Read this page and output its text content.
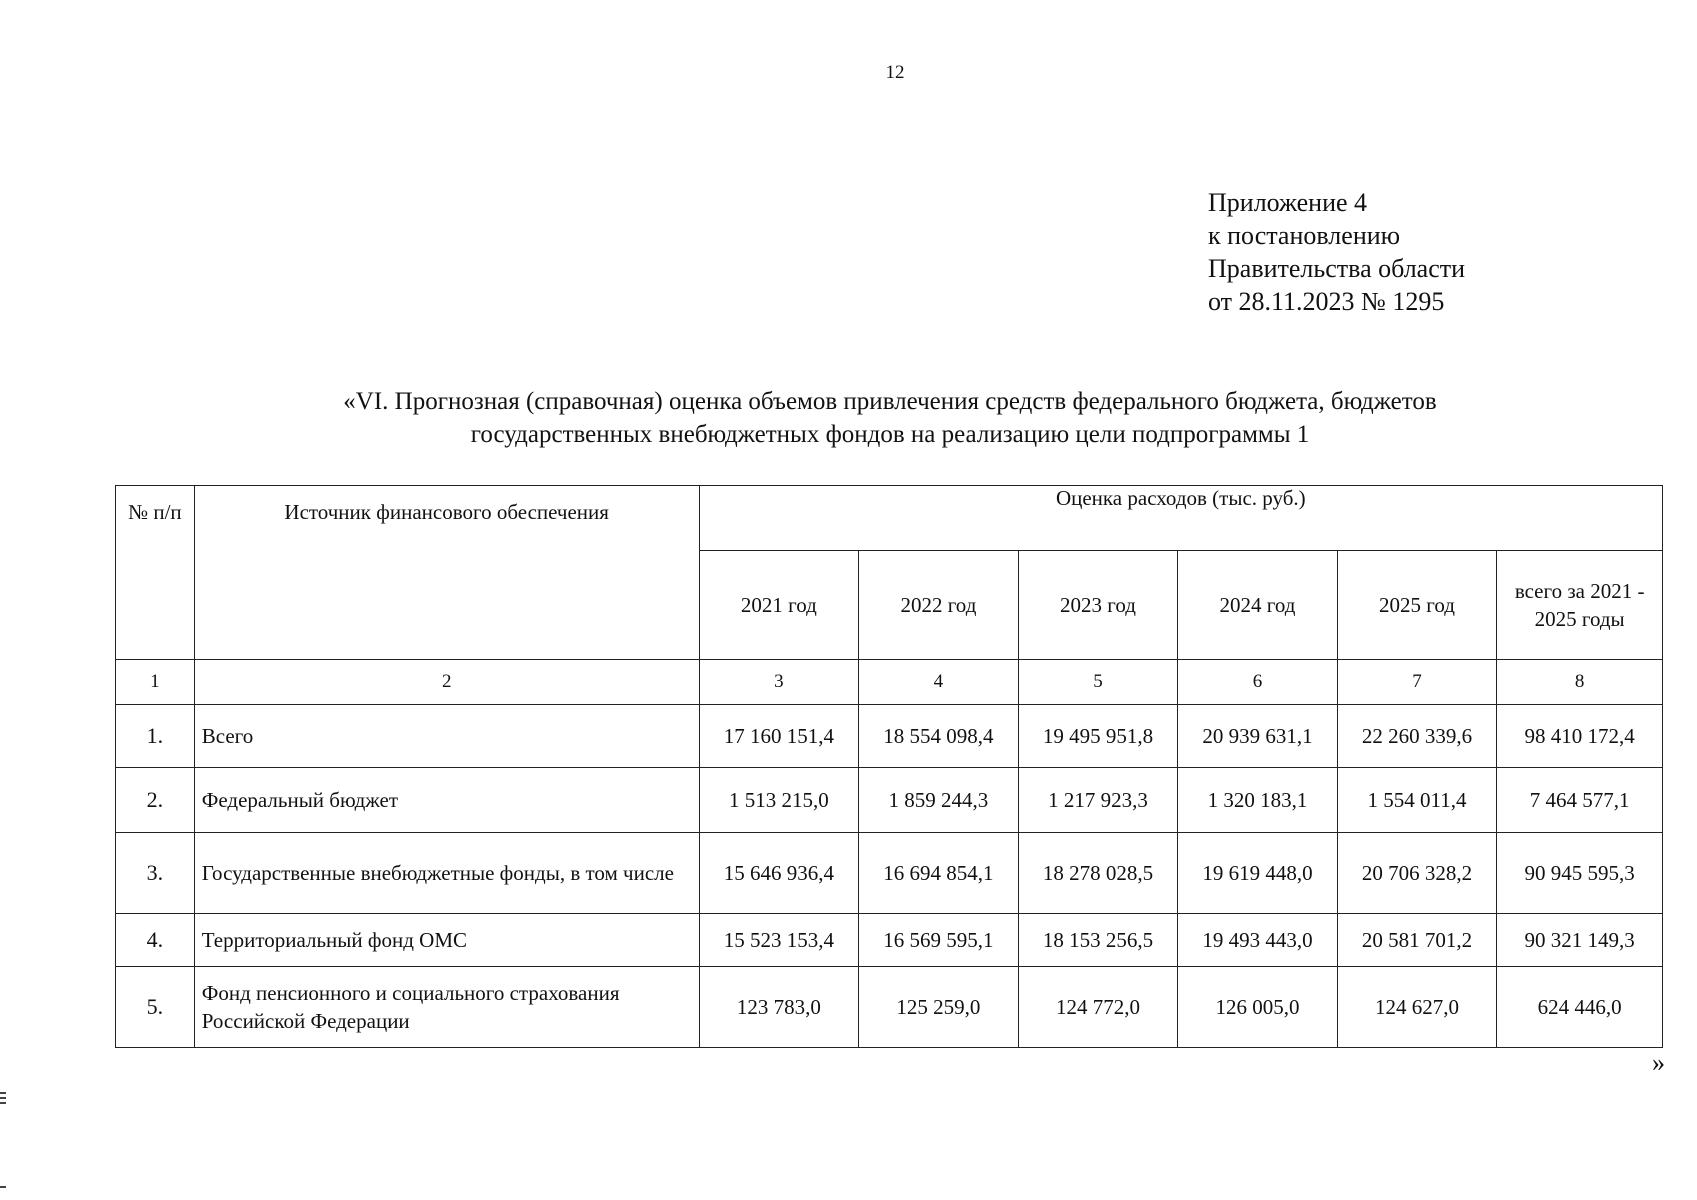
12
Приложение 4
к постановлению
Правительства области
от 28.11.2023 № 1295
«VI. Прогнозная (справочная) оценка объемов привлечения средств федерального бюджета, бюджетов
государственных внебюджетных фондов на реализацию цели подпрограммы 1
№ п/п	Источник финансового обеспечения	Оценка расходов (тыс. руб.)					
		2021 год	2022 год	2023 год	2024 год	2025 год	всего за 2021 - 2025 годы
1	2	3	4	5	6	7	8
1.	Всего	17 160 151,4	18 554 098,4	19 495 951,8	20 939 631,1	22 260 339,6	98 410 172,4
2.	Федеральный бюджет	1 513 215,0	1 859 244,3	1 217 923,3	1 320 183,1	1 554 011,4	7 464 577,1
3.	Государственные внебюджетные фонды, в том числе	15 646 936,4	16 694 854,1	18 278 028,5	19 619 448,0	20 706 328,2	90 945 595,3
4.	Территориальный фонд ОМС	15 523 153,4	16 569 595,1	18 153 256,5	19 493 443,0	20 581 701,2	90 321 149,3
5.	Фонд пенсионного и социального страхования Российской Федерации	123 783,0	125 259,0	124 772,0	126 005,0	124 627,0	624 446,0
»
